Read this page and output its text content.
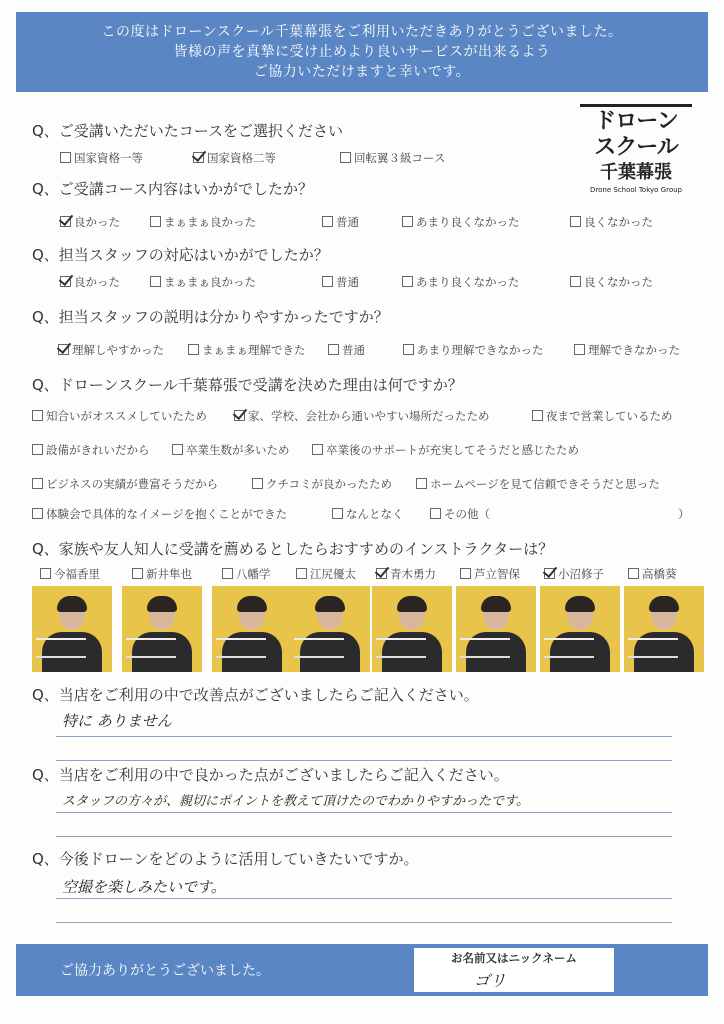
この度はドローンスクール千葉幕張をご利用いただきありがとうございました。
皆様の声を真摯に受け止めより良いサービスが出来るよう
ご協力いただけますと幸いです。
ドローン
スクール
千葉幕張
Drone School Tokyo Group
Q、ご受講いただいたコースをご選択ください
国家資格一等	国家資格二等	回転翼３級コース
Q、ご受講コース内容はいかがでしたか？
良かった	まぁまぁ良かった	普通	あまり良くなかった	良くなかった
Q、担当スタッフの対応はいかがでしたか？
良かった	まぁまぁ良かった	普通	あまり良くなかった	良くなかった
Q、担当スタッフの説明は分かりやすかったですか？
理解しやすかった	まぁまぁ理解できた	普通	あまり理解できなかった	理解できなかった
Q、ドローンスクール千葉幕張で受講を決めた理由は何ですか？
知合いがオススメしていたため	家、学校、会社から通いやすい場所だったため	夜まで営業しているため
設備がきれいだから	卒業生数が多いため	卒業後のサポートが充実してそうだと感じたため
ビジネスの実績が豊富そうだから	クチコミが良かったため	ホームページを見て信頼できそうだと思った
体験会で具体的なイメージを抱くことができた	なんとなく	その他（	）
Q、家族や友人知人に受講を薦めるとしたらおすすめのインストラクターは？
今福香里	新井隼也	八幡学	江尻優太	青木勇力	芦立智保	小沼修子	高橋葵
Q、当店をご利用の中で改善点がございましたらご記入ください。
特に ありません
Q、当店をご利用の中で良かった点がございましたらご記入ください。
スタッフの方々が、親切にポイントを教えて頂けたのでわかりやすかったです。
Q、今後ドローンをどのように活用していきたいですか。
空撮を楽しみたいです。
ご協力ありがとうございました。
お名前又はニックネーム
ゴリ
